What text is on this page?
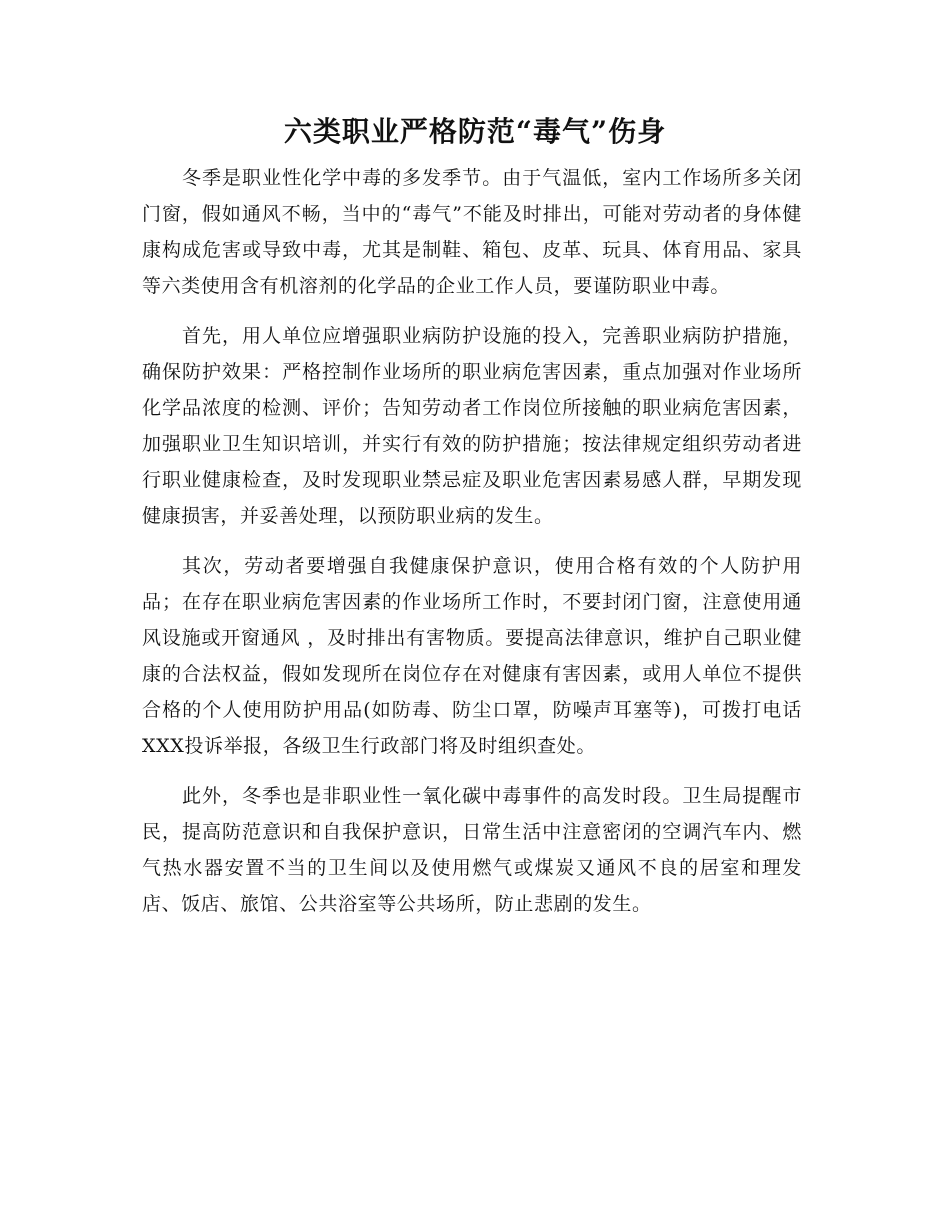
六类职业严格防范“毒气”伤身

冬季是职业性化学中毒的多发季节。由于气温低，室内工作场所多关闭门窗，假如通风不畅，当中的“毒气”不能及时排出，可能对劳动者的身体健康构成危害或导致中毒，尤其是制鞋、箱包、皮革、玩具、体育用品、家具等六类使用含有机溶剂的化学品的企业工作人员，要谨防职业中毒。

首先，用人单位应增强职业病防护设施的投入，完善职业病防护措施，确保防护效果：严格控制作业场所的职业病危害因素，重点加强对作业场所化学品浓度的检测、评价；告知劳动者工作岗位所接触的职业病危害因素，加强职业卫生知识培训，并实行有效的防护措施；按法律规定组织劳动者进行职业健康检查，及时发现职业禁忌症及职业危害因素易感人群，早期发现健康损害，并妥善处理，以预防职业病的发生。

其次，劳动者要增强自我健康保护意识，使用合格有效的个人防护用品；在存在职业病危害因素的作业场所工作时，不要封闭门窗，注意使用通风设施或开窗通风 ，及时排出有害物质。要提高法律意识，维护自己职业健康的合法权益，假如发现所在岗位存在对健康有害因素，或用人单位不提供合格的个人使用防护用品(如防毒、防尘口罩，防噪声耳塞等)，可拨打电话XXX投诉举报，各级卫生行政部门将及时组织查处。

此外，冬季也是非职业性一氧化碳中毒事件的高发时段。卫生局提醒市民，提高防范意识和自我保护意识，日常生活中注意密闭的空调汽车内、燃气热水器安置不当的卫生间以及使用燃气或煤炭又通风不良的居室和理发店、饭店、旅馆、公共浴室等公共场所，防止悲剧的发生。
